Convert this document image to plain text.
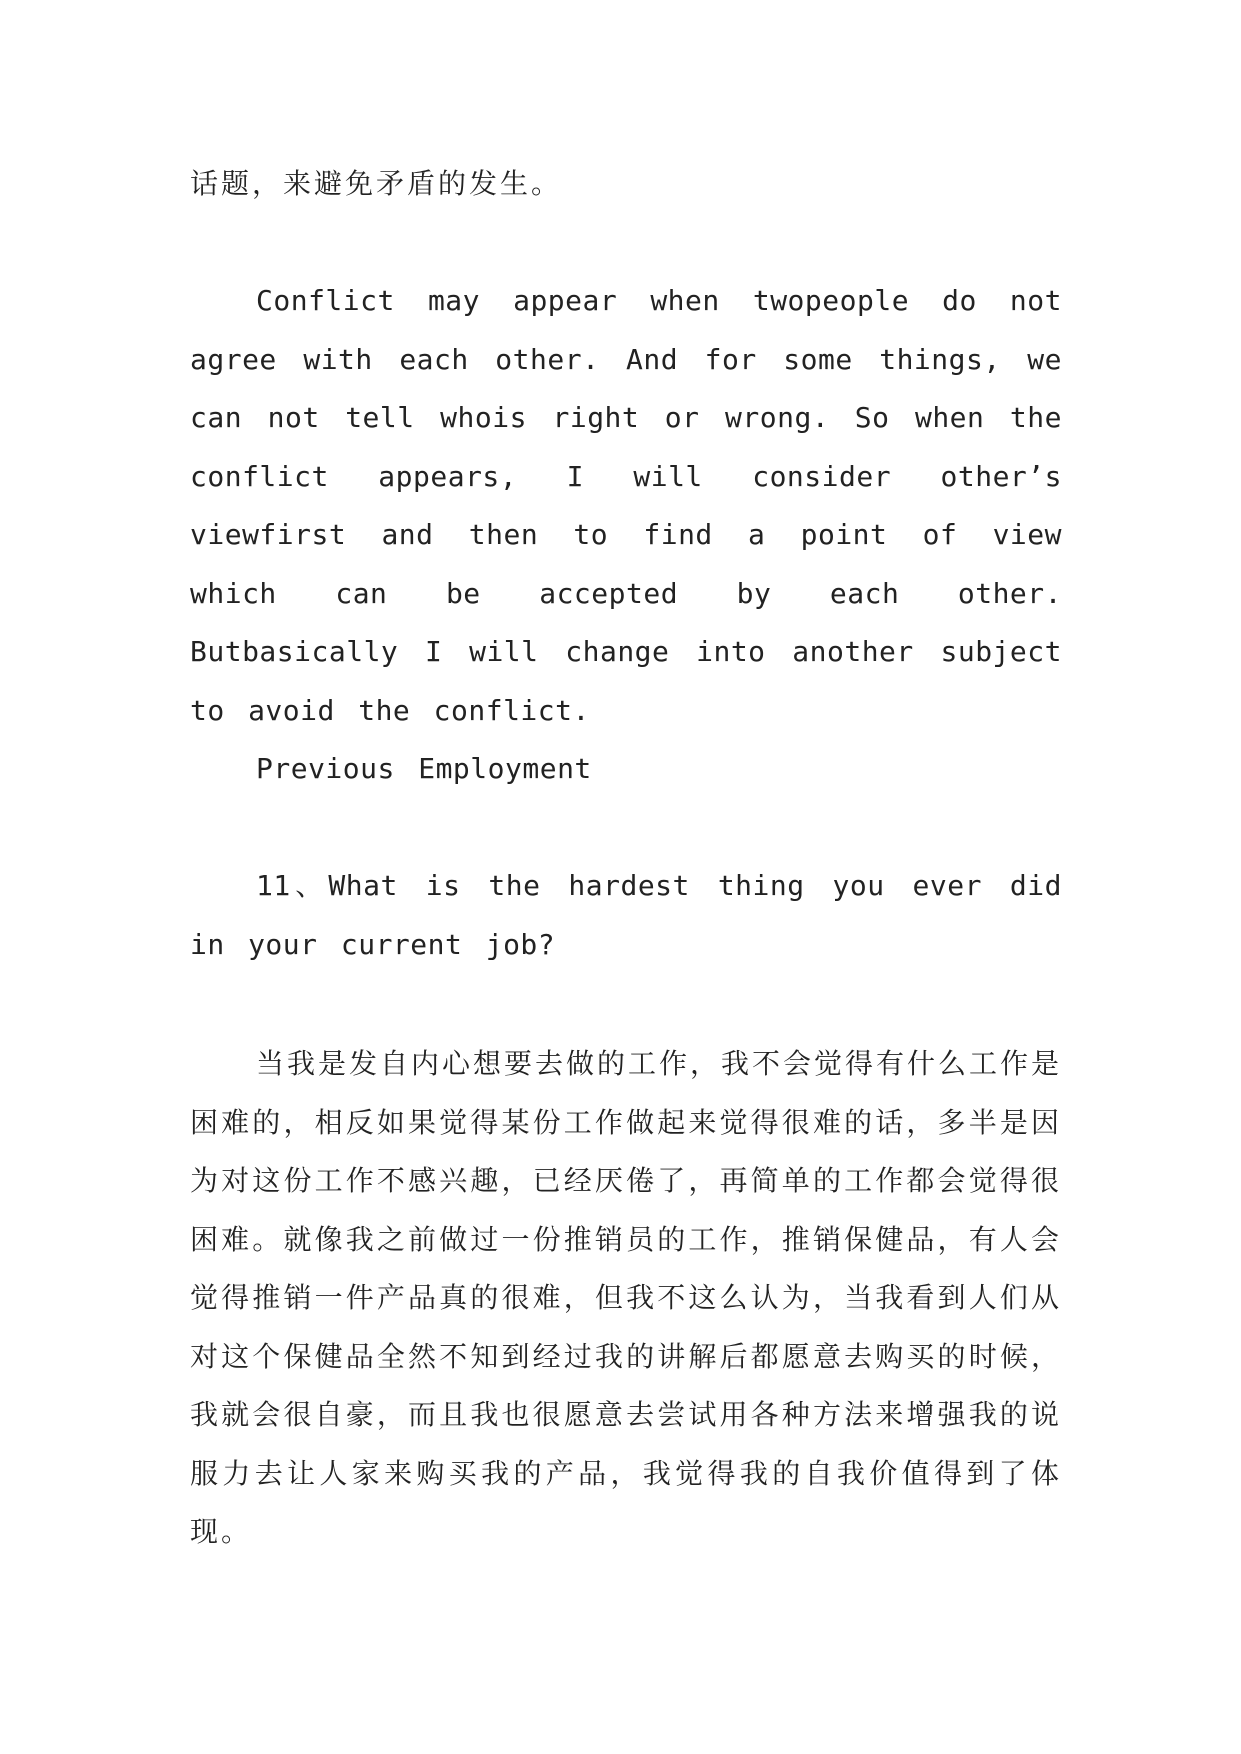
话题，来避免矛盾的发生。

Conflict may appear when twopeople do not agree with each other. And for some things, we can not tell whois right or wrong. So when the conflict appears, I will consider other’s viewfirst and then to find a point of view which can be accepted by each other. Butbasically I will change into another subject to avoid the conflict.

Previous Employment

11、What is the hardest thing you ever did in your current job?

当我是发自内心想要去做的工作，我不会觉得有什么工作是困难的，相反如果觉得某份工作做起来觉得很难的话，多半是因为对这份工作不感兴趣，已经厌倦了，再简单的工作都会觉得很困难。就像我之前做过一份推销员的工作，推销保健品，有人会觉得推销一件产品真的很难，但我不这么认为，当我看到人们从对这个保健品全然不知到经过我的讲解后都愿意去购买的时候，我就会很自豪，而且我也很愿意去尝试用各种方法来增强我的说服力去让人家来购买我的产品，我觉得我的自我价值得到了体现。
